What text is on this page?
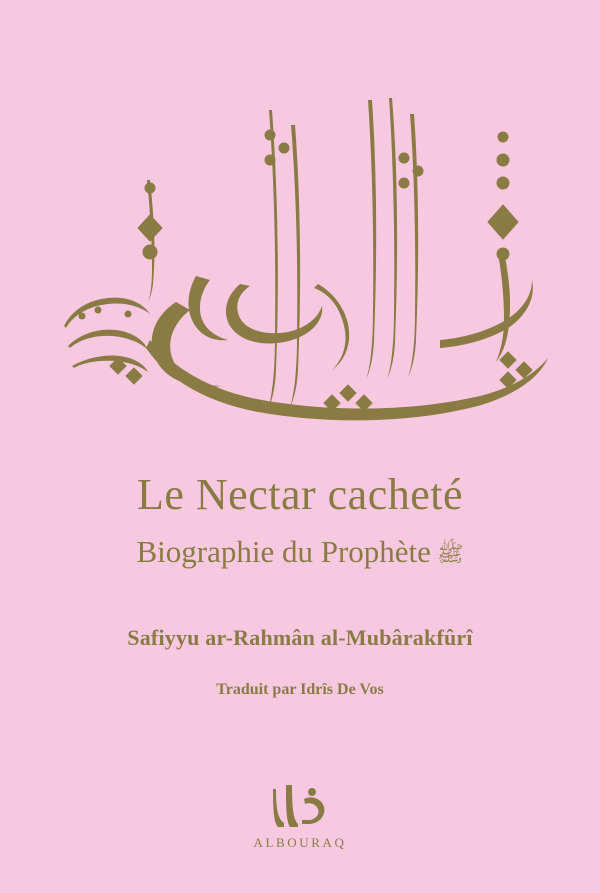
Le Nectar cacheté
Biographie du Prophète ﷺ
Safiyyu ar-Rahmân al-Mubârakfûrî
Traduit par Idrîs De Vos
ALBOURAQ
